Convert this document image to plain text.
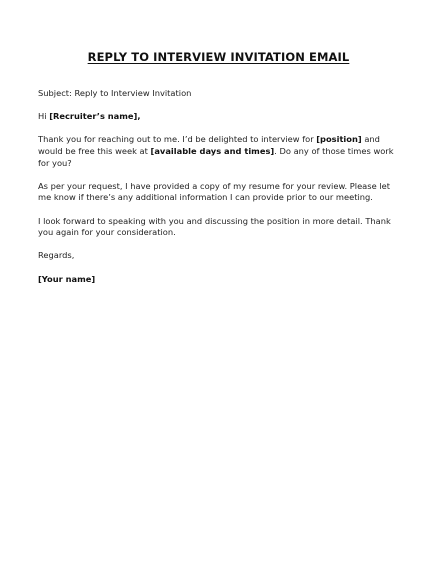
REPLY TO INTERVIEW INVITATION EMAIL

Subject: Reply to Interview Invitation

Hi [Recruiter’s name],

Thank you for reaching out to me. I’d be delighted to interview for [position] and would be free this week at [available days and times]. Do any of those times work for you?

As per your request, I have provided a copy of my resume for your review. Please let me know if there’s any additional information I can provide prior to our meeting.

I look forward to speaking with you and discussing the position in more detail. Thank you again for your consideration.

Regards,

[Your name]
